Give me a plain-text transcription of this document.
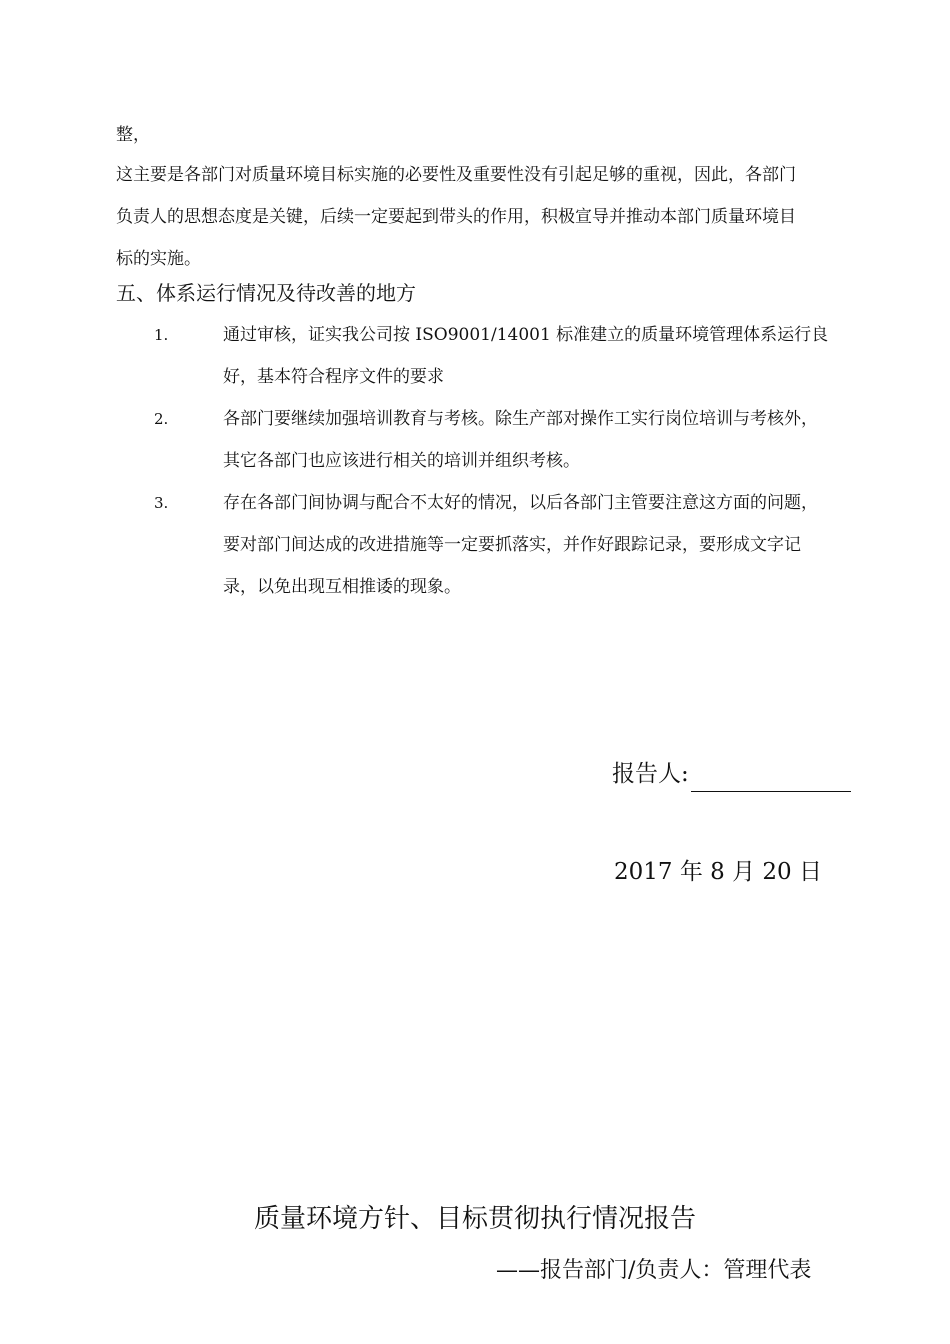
整，
这主要是各部门对质量环境目标实施的必要性及重要性没有引起足够的重视，因此，各部门
负责人的思想态度是关键，后续一定要起到带头的作用，积极宣导并推动本部门质量环境目
标的实施。
五、体系运行情况及待改善的地方
1.	通过审核，证实我公司按 ISO9001/14001 标准建立的质量环境管理体系运行良
好，基本符合程序文件的要求
2.	各部门要继续加强培训教育与考核。除生产部对操作工实行岗位培训与考核外，
其它各部门也应该进行相关的培训并组织考核。
3.	存在各部门间协调与配合不太好的情况，以后各部门主管要注意这方面的问题，
要对部门间达成的改进措施等一定要抓落实，并作好跟踪记录，要形成文字记
录，以免出现互相推诿的现象。
报告人:
2017 年 8 月 20 日
质量环境方针、目标贯彻执行情况报告
——报告部门/负责人：管理代表
